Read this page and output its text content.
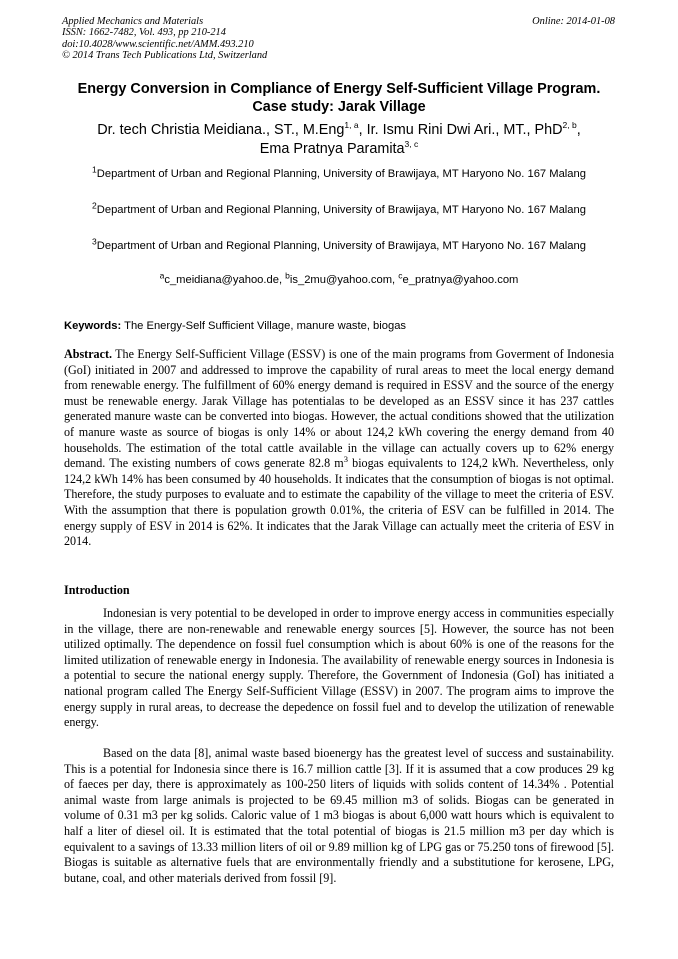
Applied Mechanics and Materials
ISSN: 1662-7482, Vol. 493, pp 210-214
doi:10.4028/www.scientific.net/AMM.493.210
© 2014 Trans Tech Publications Ltd, Switzerland
Online: 2014-01-08
Energy Conversion in Compliance of Energy Self-Sufficient Village Program. Case study: Jarak Village
Dr. tech Christia Meidiana., ST., M.Eng$^{1, a}$, Ir. Ismu Rini Dwi Ari., MT., PhD$^{2, b}$,
Ema Pratnya Paramita$^{3, c}$
$^1$Department of Urban and Regional Planning, University of Brawijaya, MT Haryono No. 167 Malang
$^2$Department of Urban and Regional Planning, University of Brawijaya, MT Haryono No. 167 Malang
$^3$Department of Urban and Regional Planning, University of Brawijaya, MT Haryono No. 167 Malang
$^a$c_meidiana@yahoo.de, $^b$is_2mu@yahoo.com, $^c$e_pratnya@yahoo.com
Keywords: The Energy-Self Sufficient Village, manure waste, biogas
Abstract. The Energy Self-Sufficient Village (ESSV) is one of the main programs from Goverment of Indonesia (GoI) initiated in 2007 and addressed to improve the capability of rural areas to meet the local energy demand from renewable energy. The fulfillment of 60% energy demand is required in ESSV and the source of the energy must be renewable energy. Jarak Village has potentialas to be developed as an ESSV since it has 237 cattles generated manure waste can be converted into biogas. However, the actual conditions showed that the utilization of manure waste as source of biogas is only 14% or about 124,2 kWh covering the energy demand from 40 households. The estimation of the total cattle available in the village can actually covers up to 62% energy demand. The existing numbers of cows generate 82.8 $m^3$ biogas equivalents to 124,2 kWh. Nevertheless, only 124,2 kWh 14% has been consumed by 40 households. It indicates that the consumption of biogas is not optimal. Therefore, the study purposes to evaluate and to estimate the capability of the village to meet the criteria of ESV. With the assumption that there is population growth 0.01%, the criteria of ESV can be fulfilled in 2014. The energy supply of ESV in 2014 is 62%. It indicates that the Jarak Village can actually meet the criteria of ESV in 2014.
Introduction

Indonesian is very potential to be developed in order to improve energy access in communities especially in the village, there are non-renewable and renewable energy sources [5]. However, the source has not been utilized optimally. The dependence on fossil fuel consumption which is about 60% is one of the reasons for the limited utilization of renewable energy in Indonesia. The availability of renewable energy sources in Indonesia is a potential to secure the national energy supply. Therefore, the Government of Indonesia (GoI) has initiated a national program called The Energy Self-Sufficient Village (ESSV) in 2007. The program aims to improve the energy supply in rural areas, to decrease the depedence on fossil fuel and to develop the utilization of renewable energy.

Based on the data [8], animal waste based bioenergy has the greatest level of success and sustainability. This is a potential for Indonesia since there is 16.7 million cattle [3]. If it is assumed that a cow produces 29 kg of faeces per day, there is approximately as 100-250 liters of liquids with solids content of 14.34% . Potential animal waste from large animals is projected to be 69.45 million m3 of solids. Biogas can be generated in volume of 0.31 m3 per kg solids. Caloric value of 1 m3 biogas is about 6,000 watt hours which is equivalent to half a liter of diesel oil. It is estimated that the total potential of biogas is 21.5 million m3 per day which is equivalent to a savings of 13.33 million liters of oil or 9.89 million kg of LPG gas or 75.250 tons of firewood [5]. Biogas is suitable as alternative fuels that are environmentally friendly and a substitutione for kerosene, LPG, butane, coal, and other materials derived from fossil [9].
